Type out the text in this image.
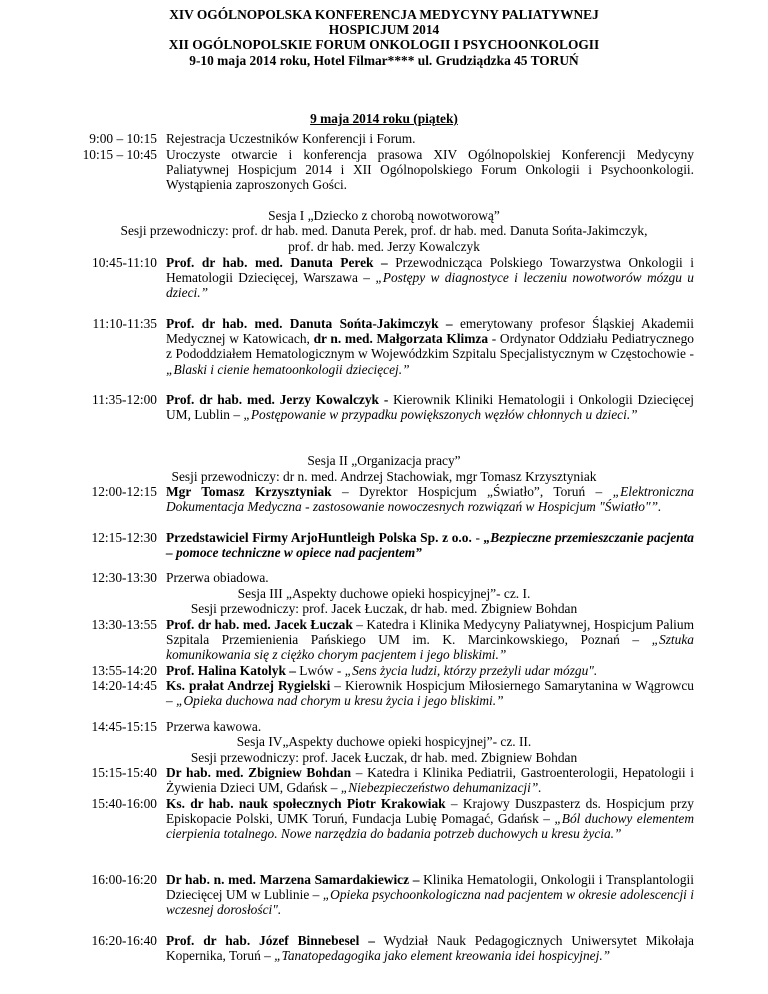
XIV OGÓLNOPOLSKA KONFERENCJA MEDYCYNY PALIATYWNEJ
HOSPICJUM 2014
XII OGÓLNOPOLSKIE FORUM ONKOLOGII I PSYCHOONKOLOGII
9-10 maja 2014 roku, Hotel Filmar**** ul. Grudziądzka 45 TORUŃ
9 maja 2014 roku (piątek)
9:00 – 10:15 Rejestracja Uczestników Konferencji i Forum.
10:15 – 10:45 Uroczyste otwarcie i konferencja prasowa XIV Ogólnopolskiej Konferencji Medycyny Paliatywnej Hospicjum 2014 i XII Ogólnopolskiego Forum Onkologii i Psychoonkologii. Wystąpienia zaproszonych Gości.
Sesja I „Dziecko z chorobą nowotworową”
Sesji przewodniczy: prof. dr hab. med. Danuta Perek, prof. dr hab. med. Danuta Sońta-Jakimczyk,
prof. dr hab. med. Jerzy Kowalczyk
10:45-11:10 Prof. dr hab. med. Danuta Perek – Przewodnicząca Polskiego Towarzystwa Onkologii i Hematologii Dziecięcej, Warszawa – „Postępy w diagnostyce i leczeniu nowotworów mózgu u dzieci.”
11:10-11:35 Prof. dr hab. med. Danuta Sońta-Jakimczyk – emerytowany profesor Śląskiej Akademii Medycznej w Katowicach, dr n. med. Małgorzata Klimza - Ordynator Oddziału Pediatrycznego z Pododdziałem Hematologicznym w Wojewódzkim Szpitalu Specjalistycznym w Częstochowie - „Blaski i cienie hematoonkologii dziecięcej.”
11:35-12:00 Prof. dr hab. med. Jerzy Kowalczyk - Kierownik Kliniki Hematologii i Onkologii Dziecięcej UM, Lublin – „Postępowanie w przypadku powiększonych węzłów chłonnych u dzieci.”
Sesja II „Organizacja pracy”
Sesji przewodniczy: dr n. med. Andrzej Stachowiak, mgr Tomasz Krzysztyniak
12:00-12:15 Mgr Tomasz Krzysztyniak – Dyrektor Hospicjum „Światło”, Toruń – „Elektroniczna Dokumentacja Medyczna - zastosowanie nowoczesnych rozwiązań w Hospicjum "Światło"”.
12:15-12:30 Przedstawiciel Firmy ArjoHuntleigh Polska Sp. z o.o. - „Bezpieczne przemieszczanie pacjenta – pomoce techniczne w opiece nad pacjentem”
12:30-13:30 Przerwa obiadowa.
Sesja III „Aspekty duchowe opieki hospicyjnej”- cz. I.
Sesji przewodniczy: prof. Jacek Łuczak, dr hab. med. Zbigniew Bohdan
13:30-13:55 Prof. dr hab. med. Jacek Łuczak – Katedra i Klinika Medycyny Paliatywnej, Hospicjum Palium Szpitala Przemienienia Pańskiego UM im. K. Marcinkowskiego, Poznań – „Sztuka komunikowania się z ciężko chorym pacjentem i jego bliskimi.”
13:55-14:20 Prof. Halina Katolyk – Lwów - „Sens życia ludzi, którzy przeżyli udar mózgu".
14:20-14:45 Ks. prałat Andrzej Rygielski – Kierownik Hospicjum Miłosiernego Samarytanina w Wągrowcu – „Opieka duchowa nad chorym u kresu życia i jego bliskimi.”
14:45-15:15 Przerwa kawowa.
Sesja IV„Aspekty duchowe opieki hospicyjnej”- cz. II.
Sesji przewodniczy: prof. Jacek Łuczak, dr hab. med. Zbigniew Bohdan
15:15-15:40 Dr hab. med. Zbigniew Bohdan – Katedra i Klinika Pediatrii, Gastroenterologii, Hepatologii i Żywienia Dzieci UM, Gdańsk – „Niebezpieczeństwo dehumanizacji”.
15:40-16:00 Ks. dr hab. nauk społecznych Piotr Krakowiak – Krajowy Duszpasterz ds. Hospicjum przy Episkopacie Polski, UMK Toruń, Fundacja Lubię Pomagać, Gdańsk – „Ból duchowy elementem cierpienia totalnego. Nowe narzędzia do badania potrzeb duchowych u kresu życia.”
16:00-16:20 Dr hab. n. med. Marzena Samardakiewicz – Klinika Hematologii, Onkologii i Transplantologii Dziecięcej UM w Lublinie – „Opieka psychoonkologiczna nad pacjentem w okresie adolescencji i wczesnej dorosłości".
16:20-16:40 Prof. dr hab. Józef Binnebesel – Wydział Nauk Pedagogicznych Uniwersytet Mikołaja Kopernika, Toruń – „Tanatopedagogika jako element kreowania idei hospicyjnej.”
